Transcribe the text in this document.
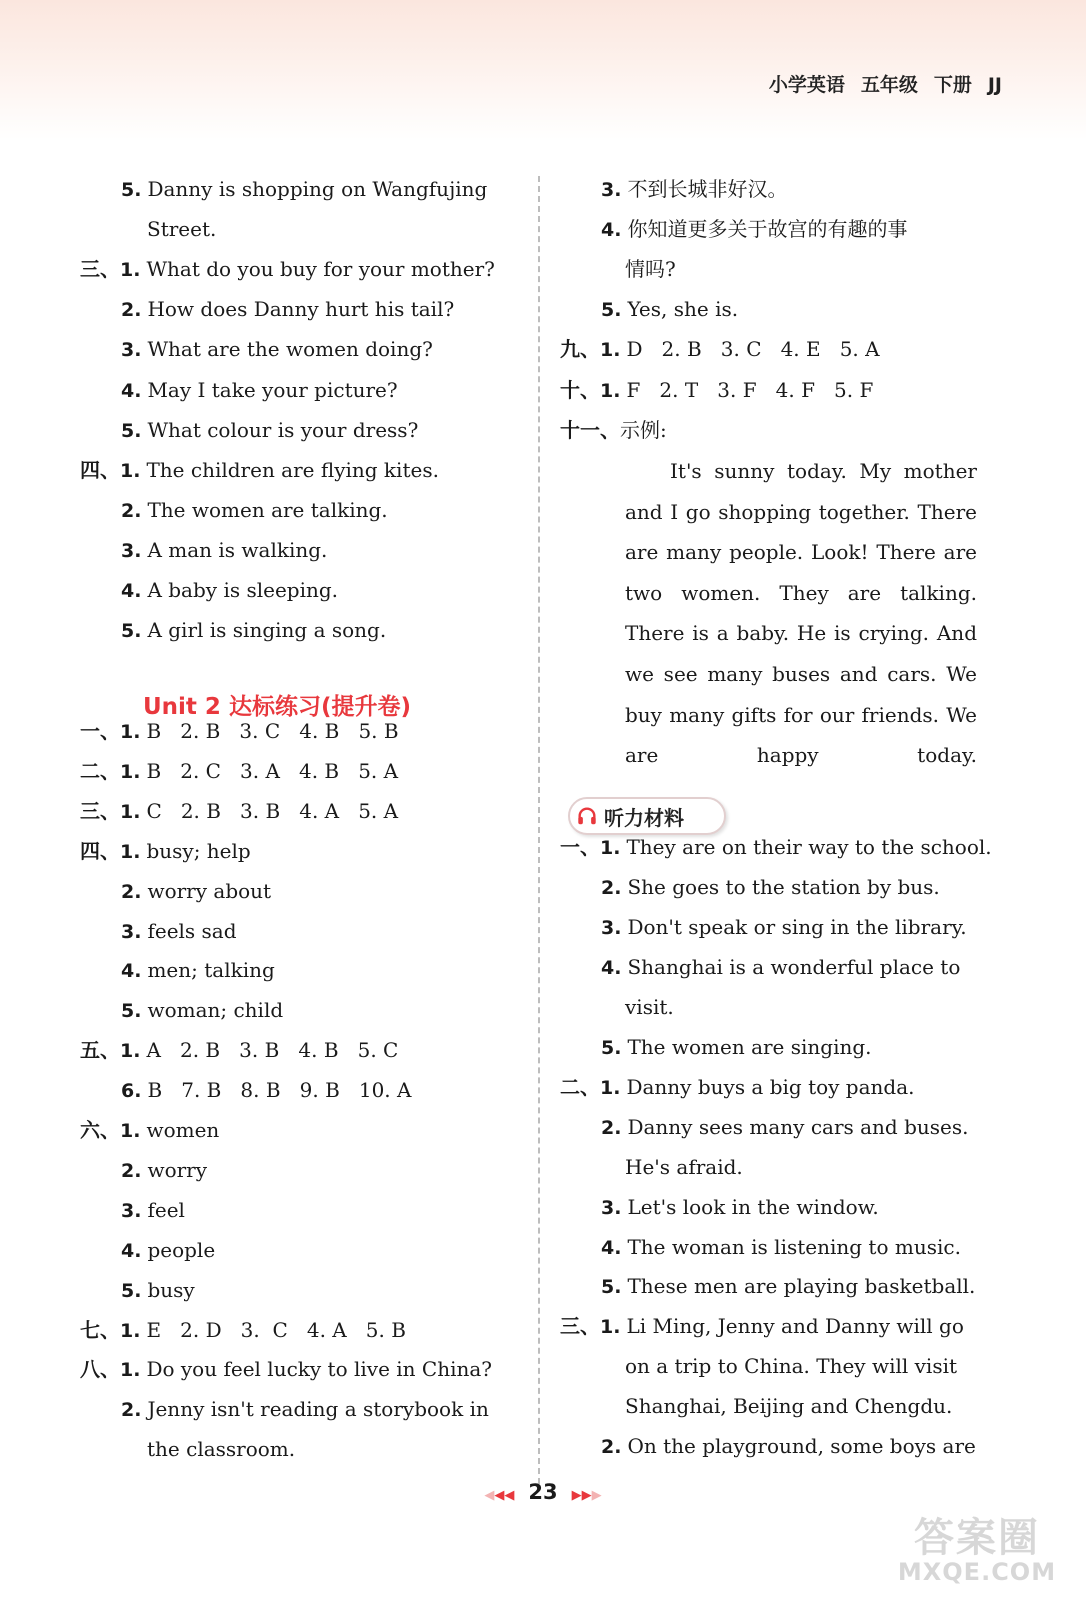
小学英语 五年级 下册 JJ
5. Danny is shopping on Wangfujing
Street.
三、1. What do you buy for your mother?
2. How does Danny hurt his tail?
3. What are the women doing?
4. May I take your picture?
5. What colour is your dress?
四、1. The children are flying kites.
2. The women are talking.
3. A man is walking.
4. A baby is sleeping.
5. A girl is singing a song.
一、1. B   2. B   3. C   4. B   5. B
二、1. B   2. C   3. A   4. B   5. A
三、1. C   2. B   3. B   4. A   5. A
四、1. busy; help
2. worry about
3. feels sad
4. men; talking
5. woman; child
五、1. A   2. B   3. B   4. B   5. C
6. B   7. B   8. B   9. B   10. A
六、1. women
2. worry
3. feel
4. people
5. busy
七、1. E   2. D   3.  C   4. A   5. B
八、1. Do you feel lucky to live in China?
2. Jenny isn't reading a storybook in
the classroom.
Unit 2 达标练习(提升卷)
3. 不到长城非好汉。
4. 你知道更多关于故宫的有趣的事
情吗?
5. Yes, she is.
九、1. D   2. B   3. C   4. E   5. A
十、1. F   2. T   3. F   4. F   5. F
十一、示例:
It's sunny today. My mother
and I go shopping together. There
are many people. Look! There are
two women. They are talking.
There is a baby. He is crying. And
we see many buses and cars. We
buy many gifts for our friends. We
are happy today.
一、1. They are on their way to the school.
2. She goes to the station by bus.
3. Don't speak or sing in the library.
4. Shanghai is a wonderful place to
visit.
5. The women are singing.
二、1. Danny buys a big toy panda.
2. Danny sees many cars and buses.
He's afraid.
3. Let's look in the window.
4. The woman is listening to music.
5. These men are playing basketball.
三、1. Li Ming, Jenny and Danny will go
on a trip to China. They will visit
Shanghai, Beijing and Chengdu.
2. On the playground, some boys are
听力材料
◀◀◀ 23 ▶▶▶
答案圈
MXQE.COM
